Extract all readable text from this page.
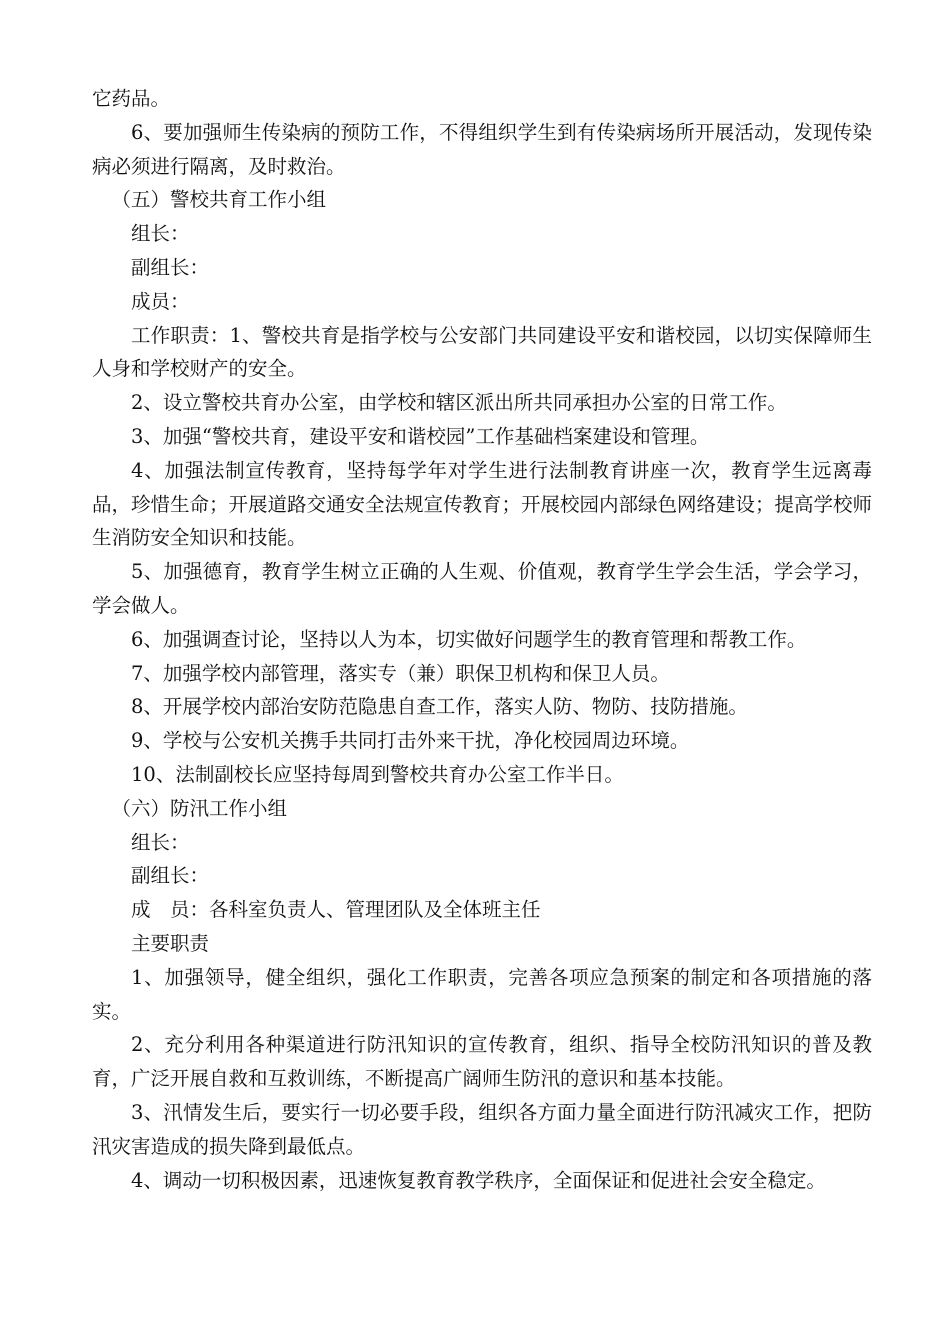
它药品。

6、要加强师生传染病的预防工作，不得组织学生到有传染病场所开展活动，发现传染病必须进行隔离，及时救治。

（五）警校共育工作小组

组长：

副组长：

成员：

工作职责：1、警校共育是指学校与公安部门共同建设平安和谐校园，以切实保障师生人身和学校财产的安全。

2、设立警校共育办公室，由学校和辖区派出所共同承担办公室的日常工作。

3、加强“警校共育，建设平安和谐校园”工作基础档案建设和管理。

4、加强法制宣传教育，坚持每学年对学生进行法制教育讲座一次，教育学生远离毒品，珍惜生命；开展道路交通安全法规宣传教育；开展校园内部绿色网络建设；提高学校师生消防安全知识和技能。

5、加强德育，教育学生树立正确的人生观、价值观，教育学生学会生活，学会学习，学会做人。

6、加强调查讨论，坚持以人为本，切实做好问题学生的教育管理和帮教工作。

7、加强学校内部管理，落实专（兼）职保卫机构和保卫人员。

8、开展学校内部治安防范隐患自查工作，落实人防、物防、技防措施。

9、学校与公安机关携手共同打击外来干扰，净化校园周边环境。

10、法制副校长应坚持每周到警校共育办公室工作半日。

（六）防汛工作小组

组长：

副组长：

成　员：各科室负责人、管理团队及全体班主任

主要职责

1、加强领导，健全组织，强化工作职责，完善各项应急预案的制定和各项措施的落实。

2、充分利用各种渠道进行防汛知识的宣传教育，组织、指导全校防汛知识的普及教育，广泛开展自救和互救训练，不断提高广阔师生防汛的意识和基本技能。

3、汛情发生后，要实行一切必要手段，组织各方面力量全面进行防汛减灾工作，把防汛灾害造成的损失降到最低点。

4、调动一切积极因素，迅速恢复教育教学秩序，全面保证和促进社会安全稳定。
